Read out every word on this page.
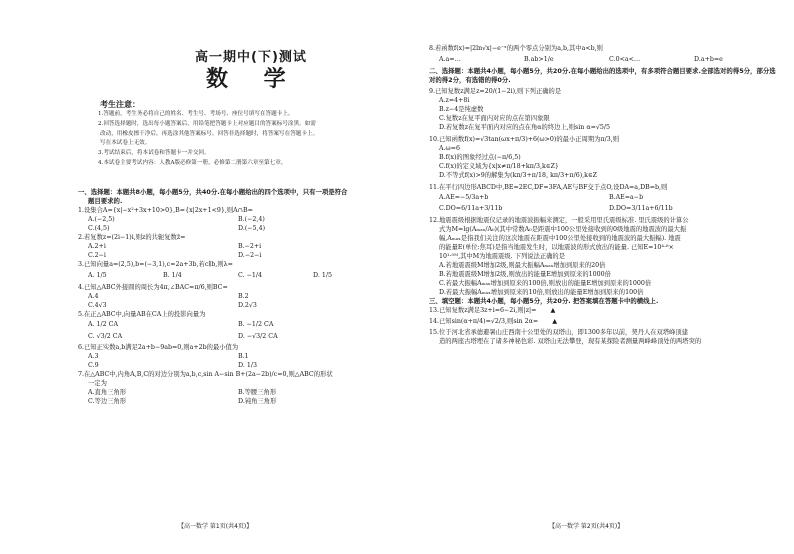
高一期中(下)测试
数 学
考生注意：
1.答题前，考生务必将自己的姓名、考生号、考场号、座位号填写在答题卡上。
2.回答选择题时，选出每小题答案后，用铅笔把答题卡上对应题目的答案标号涂黑。如需
改动，用橡皮擦干净后，再选涂其他答案标号。回答非选择题时，将答案写在答题卡上。
写在本试卷上无效。
3.考试结束后，将本试卷和答题卡一并交回。
4.本试卷主要考试内容：人教A版必修第一册，必修第二册第六章至第七章。
一、选择题：本题共8小题，每小题5分，共40分.在每小题给出的四个选项中，只有一项是符合
题目要求的.
1.设集合A={x|−x²+3x+10>0},B={x|2x+1<9},则A∩B=
A.(−2,5)	B.(−2,4)
C.(4,5)	D.(−5,4)
2.若复数z=(2i−1)i,则z的共轭复数z̄=
A.2+i	B.−2+i
C.2−i	D.−2−i
3.已知向量a=(2,5),b=(−3,1),c=2a+3b,若c∥b,则λ=
A. 1/5	B. 1/4	C. −1/4	D. 1/5
4.已知△ABC外接圆的周长为4π,∠BAC=π/6,则BC=
A.4	B.2
C.4√3	D.2√3
5.在正△ABC中,向量AB在CA上的投影向量为
A. 1/2 CA	B. −1/2 CA
C. √3/2 CA	D. −√3/2 CA
6.已知正实数a,b满足2a+b−9ab=0,则a+2b的最小值为
A.3	B.1
C.9	D. 1/3
7.在△ABC中,内角A,B,C的对边分别为a,b,c,sin A−sin B+(2a−2b)/c=0,则△ABC的形状
一定为
A.直角三角形	B.等腰三角形
C.等边三角形	D.钝角三角形
【高一数学 第1页(共4页)】
8.若函数f(x)=|2ln√x|−e⁻ˣ的两个零点分别为a,b,其中a<b,则
A.a=…	B.ab>1/e	C.0<a<…	D.a+b=e
二、选择题：本题共4小题，每小题5分，共20分.在每小题给出的选项中，有多项符合题目要求.全部选对的得5分，部分选对的得2分，有选错的得0分.
9.已知复数z满足z=20/(1−2i),则下列正确的是
A.z=4+8i
B.z−4是纯虚数
C.复数z在复平面内对应的点在第四象限
D.若复数z在复平面内对应的点在角α的终边上,则sin α=√5/5
10.已知函数f(x)=√3tan(ωx+π/3)+6(ω>0)的最小正周期为π/3,则
A.ω=6
B.f(x)的图象经过点(−π/6,5)
C.f(x)的定义域为{x|x≠π/18+kπ/3,k∈Z}
D.不等式f(x)>9的解集为(kπ/3+π/18, kπ/3+π/6),k∈Z
11.在平行四边形ABCD中,BE=2EC,DF=3FA,AE与BF交于点O,设DA=a,DB=b,则
A.AE=−5/3a+b	B.AE=a−b
C.DO=6/11a+3/11b	D.DO=3/11a+6/11b
12.地震震级根据地震仪记录的地震波振幅来测定，一般采用里氏震级标准. 里氏震级的计算公
式为M=lg(Aₘₐₓ/A₀)(其中常数A₀是距震中100公里处接收到的0级地震的地震波的最大振
幅,Aₘₐₓ是指我们关注的这次地震在距震中100公里处接收到的地震波的最大振幅). 地震
的能量E(单位:焦耳)是指当地震发生时，以地震波的形式放出的能量. 已知E=10⁴·⁸×
10¹·⁵ᴹ,其中M为地震震级. 下列说法正确的是
A.若地震震级M增加2级,则最大振幅Aₘₐₓ增加到原来的20倍
B.若地震震级M增加2级,则放出的能量E增加到原来的1000倍
C.若最大振幅Aₘₐₓ增加到原来的100倍,则放出的能量E增加到原来的1000倍
D.若最大振幅Aₘₐₓ增加到原来的10倍,则放出的能量E增加到原来的100倍
三、填空题：本题共4小题，每小题5分，共20分. 把答案填在答题卡中的横线上.
13.已知复数z满足3z+i=6−2i,则|z|= ▲
14.已知sin(α+π/4)=√2/3,则sin 2α= ▲
15.位于河北省承德避暑山庄西南十公里处的双塔山，即1300多年以前，契丹人在双塔峰顶建
造的两座古塔埋在了诸多神秘色彩. 双塔山无法攀登，现有某探险者测量两峰峰顶处的两塔突的
【高一数学 第2页(共4页)】
